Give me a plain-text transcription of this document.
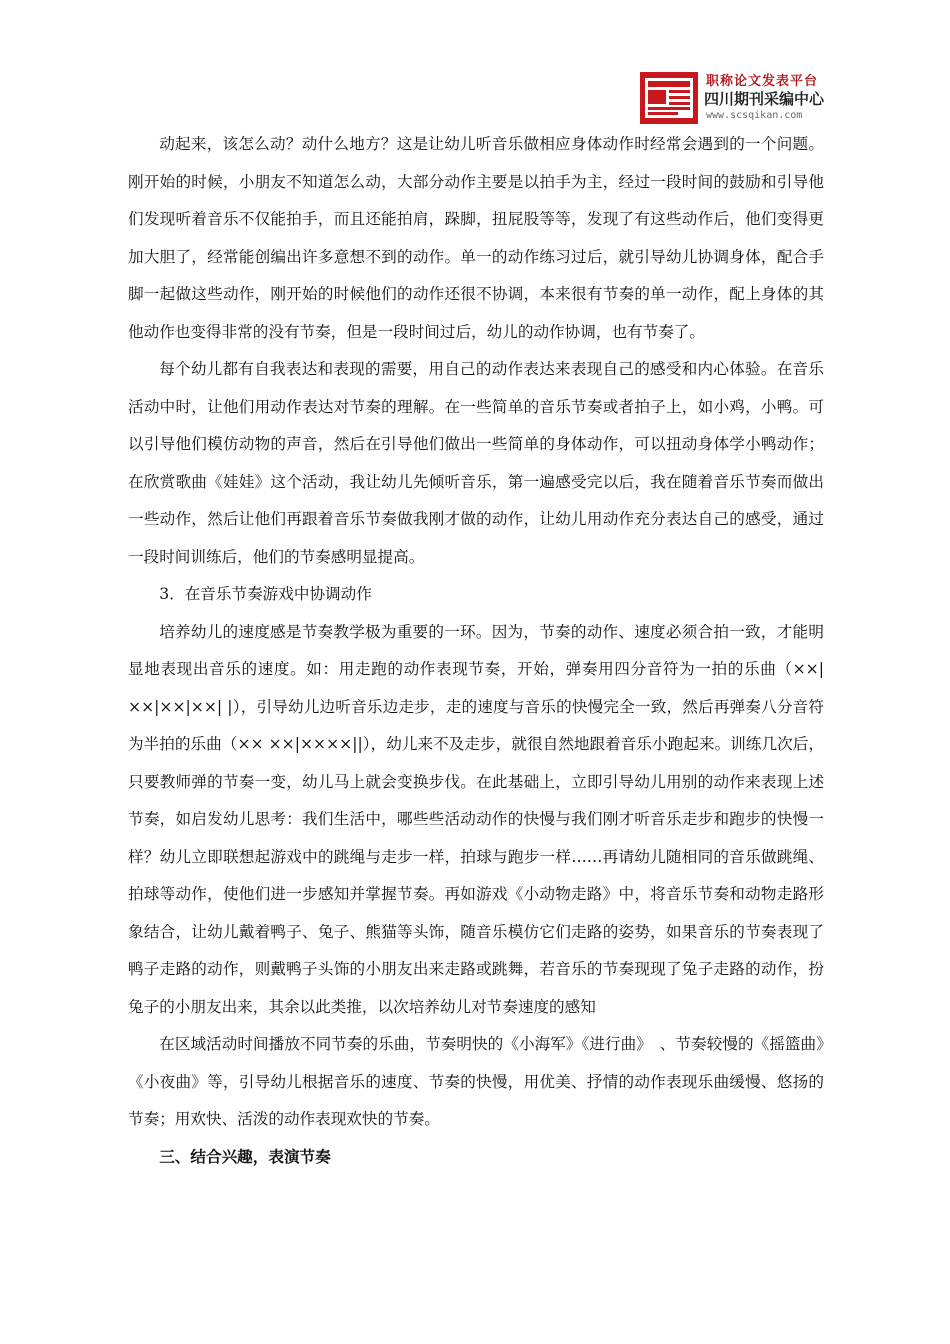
职称论文发表平台
四川期刊采编中心
www.scsqikan.com

动起来，该怎么动？动什么地方？这是让幼儿听音乐做相应身体动作时经常会遇到的一个问题。刚开始的时候，小朋友不知道怎么动，大部分动作主要是以拍手为主，经过一段时间的鼓励和引导他们发现听着音乐不仅能拍手，而且还能拍肩，跺脚，扭屁股等等，发现了有这些动作后，他们变得更加大胆了，经常能创编出许多意想不到的动作。单一的动作练习过后，就引导幼儿协调身体，配合手脚一起做这些动作，刚开始的时候他们的动作还很不协调，本来很有节奏的单一动作，配上身体的其他动作也变得非常的没有节奏，但是一段时间过后，幼儿的动作协调，也有节奏了。

每个幼儿都有自我表达和表现的需要，用自己的动作表达来表现自己的感受和内心体验。在音乐活动中时，让他们用动作表达对节奏的理解。在一些简单的音乐节奏或者拍子上，如小鸡，小鸭。可以引导他们模仿动物的声音，然后在引导他们做出一些简单的身体动作，可以扭动身体学小鸭动作；在欣赏歌曲《娃娃》这个活动，我让幼儿先倾听音乐，第一遍感受完以后，我在随着音乐节奏而做出一些动作，然后让他们再跟着音乐节奏做我刚才做的动作，让幼儿用动作充分表达自己的感受，通过一段时间训练后，他们的节奏感明显提高。

3．在音乐节奏游戏中协调动作

培养幼儿的速度感是节奏教学极为重要的一环。因为，节奏的动作、速度必须合拍一致，才能明显地表现出音乐的速度。如：用走跑的动作表现节奏，开始，弹奏用四分音符为一拍的乐曲（××|××|××|××| |），引导幼儿边听音乐边走步，走的速度与音乐的快慢完全一致，然后再弹奏八分音符为半拍的乐曲（×× ××|××××||），幼儿来不及走步，就很自然地跟着音乐小跑起来。训练几次后，只要教师弹的节奏一变，幼儿马上就会变换步伐。在此基础上，立即引导幼儿用别的动作来表现上述节奏，如启发幼儿思考：我们生活中，哪些些活动动作的快慢与我们刚才听音乐走步和跑步的快慢一样？幼儿立即联想起游戏中的跳绳与走步一样，拍球与跑步一样……再请幼儿随相同的音乐做跳绳、拍球等动作，使他们进一步感知并掌握节奏。再如游戏《小动物走路》中，将音乐节奏和动物走路形象结合，让幼儿戴着鸭子、兔子、熊猫等头饰，随音乐模仿它们走路的姿势，如果音乐的节奏表现了鸭子走路的动作，则戴鸭子头饰的小朋友出来走路或跳舞，若音乐的节奏现现了兔子走路的动作，扮兔子的小朋友出来，其余以此类推，以次培养幼儿对节奏速度的感知

在区域活动时间播放不同节奏的乐曲，节奏明快的《小海军》《进行曲》　、节奏较慢的《摇篮曲》《小夜曲》等，引导幼儿根据音乐的速度、节奏的快慢，用优美、抒情的动作表现乐曲缓慢、悠扬的节奏；用欢快、活泼的动作表现欢快的节奏。

三、结合兴趣，表演节奏
